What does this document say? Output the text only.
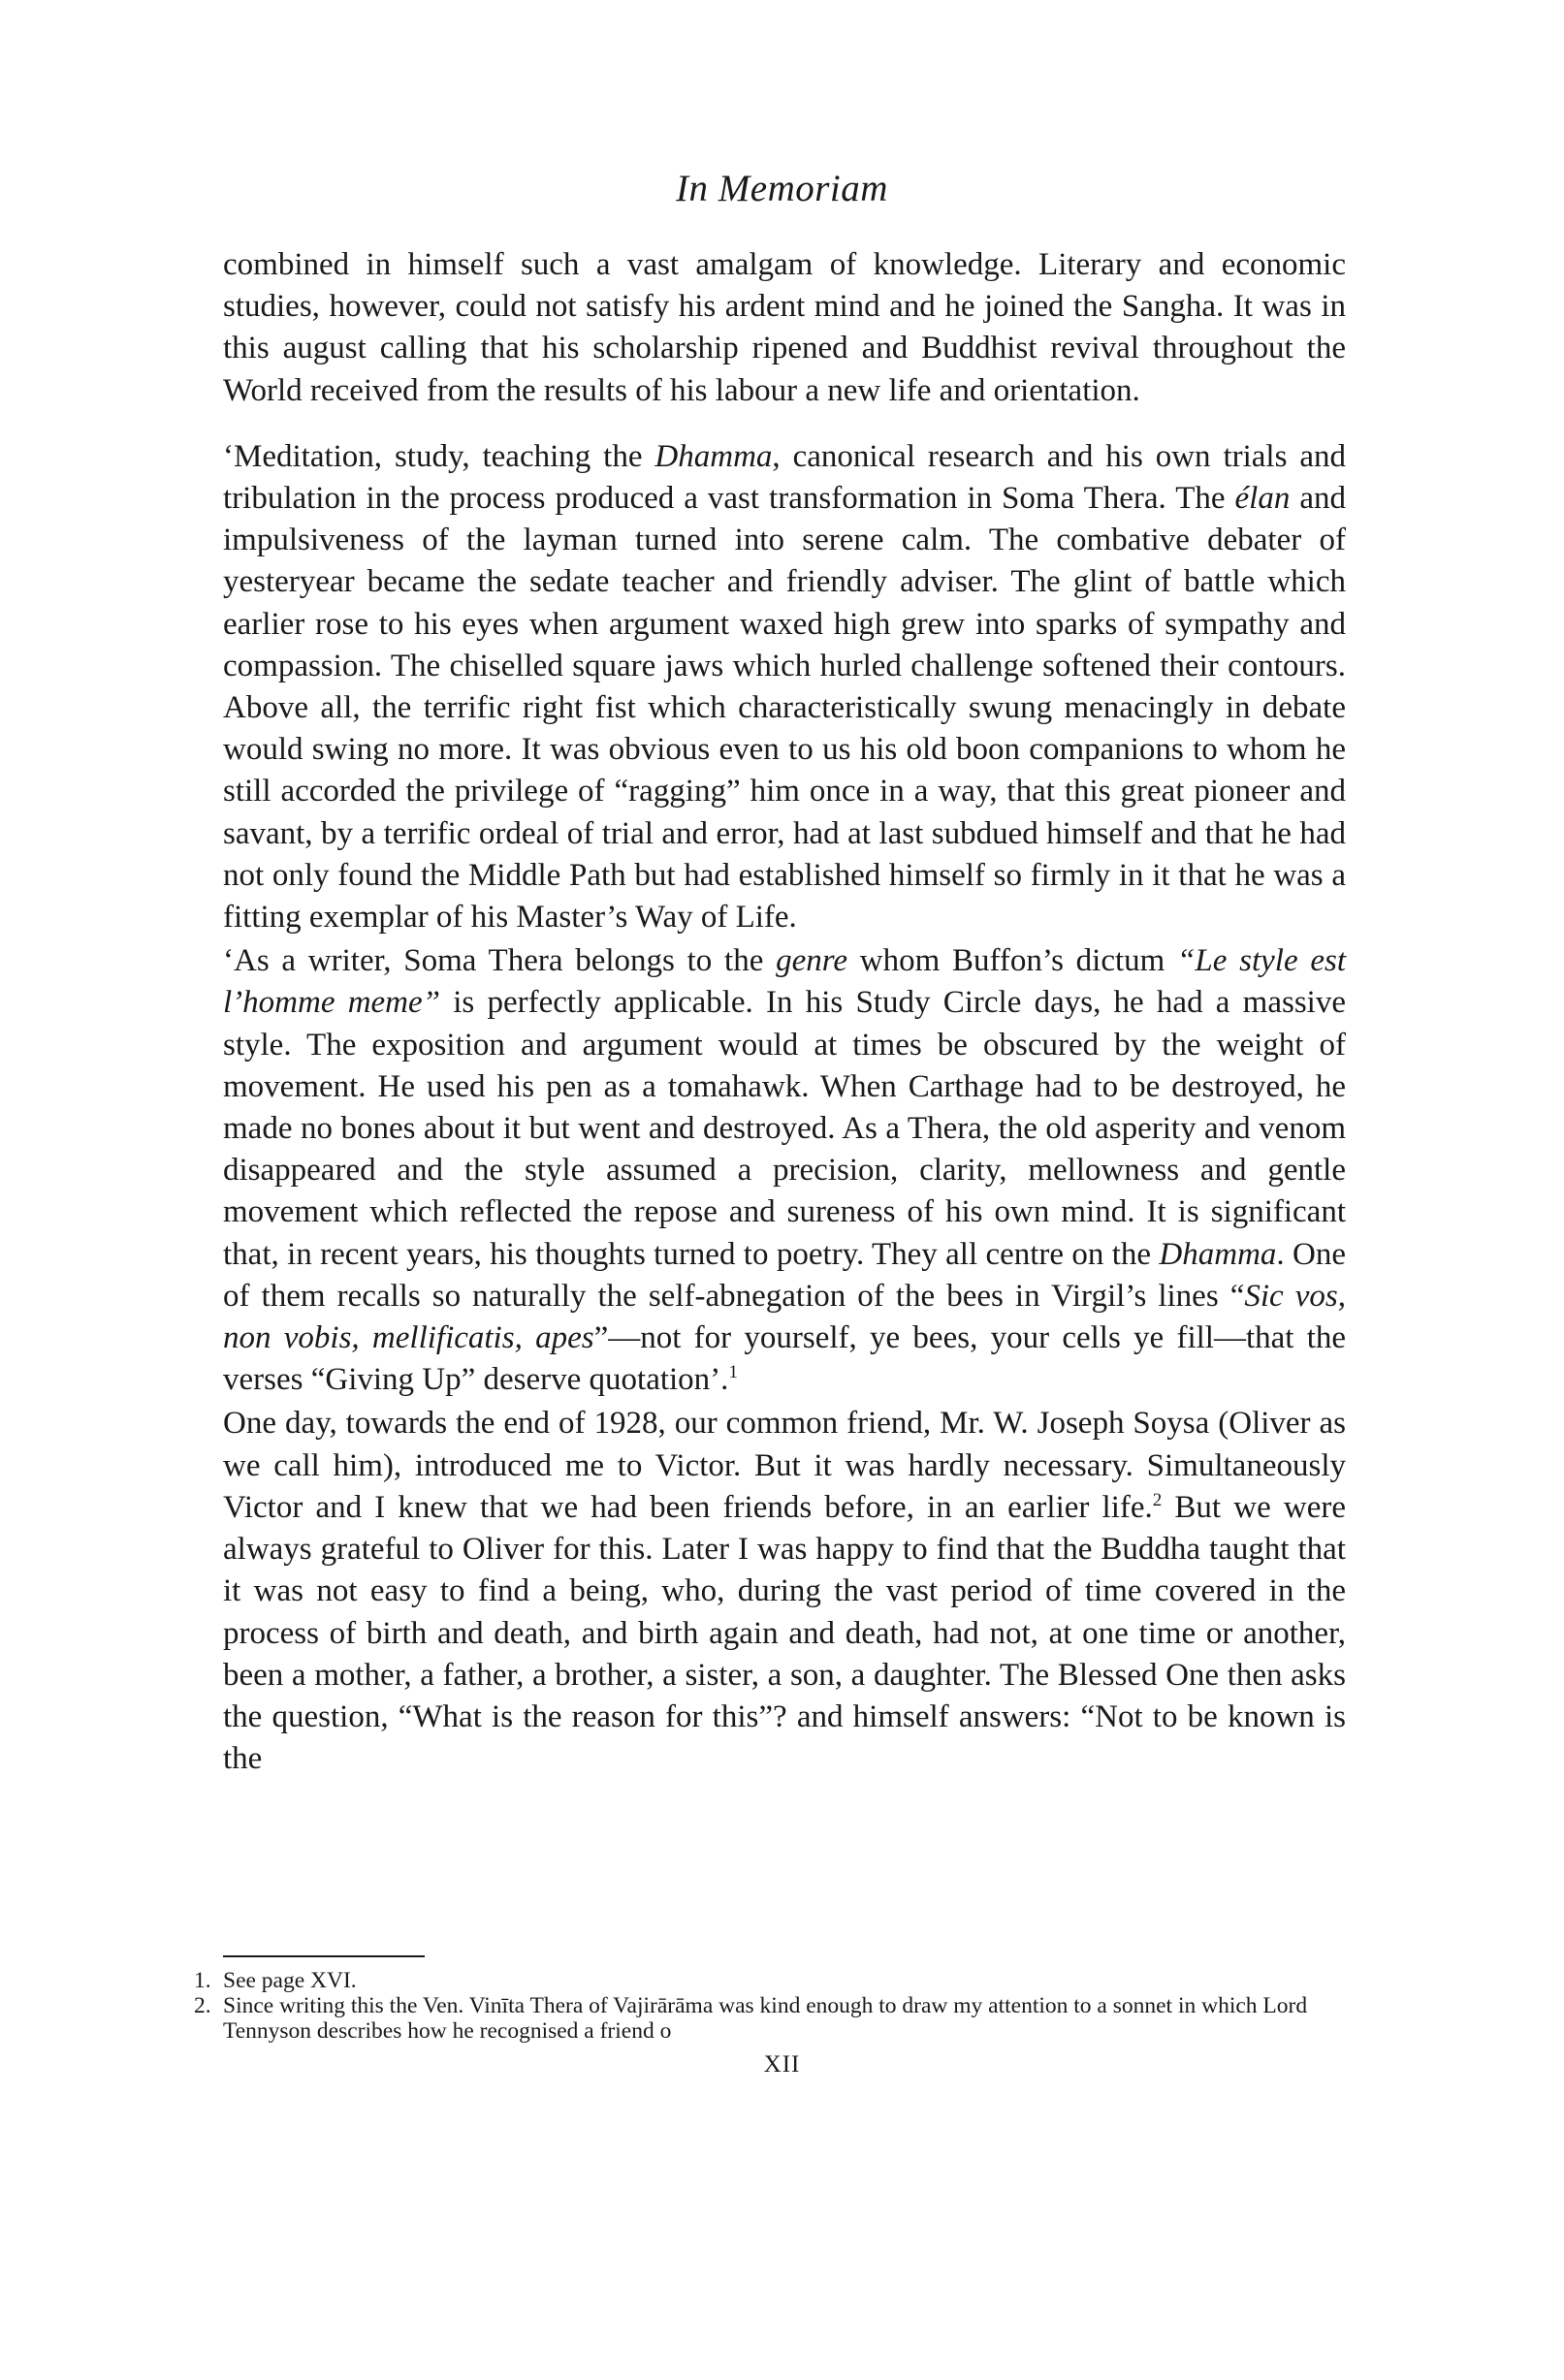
In Memoriam

combined in himself such a vast amalgam of knowledge. Literary and economic studies, however, could not satisfy his ardent mind and he joined the Sangha. It was in this august calling that his scholarship ripened and Buddhist revival throughout the World received from the results of his labour a new life and orientation.

‘Meditation, study, teaching the Dhamma, canonical research and his own trials and tribulation in the process produced a vast transformation in Soma Thera. The élan and impulsiveness of the layman turned into serene calm. The combative debater of yesteryear became the sedate teacher and friendly adviser. The glint of battle which earlier rose to his eyes when argument waxed high grew into sparks of sympathy and compassion. The chiselled square jaws which hurled challenge softened their contours. Above all, the terrific right fist which characteristically swung menacingly in debate would swing no more. It was obvious even to us his old boon companions to whom he still accorded the privilege of “ragging” him once in a way, that this great pioneer and savant, by a terrific ordeal of trial and error, had at last subdued himself and that he had not only found the Middle Path but had established himself so firmly in it that he was a fitting exemplar of his Master’s Way of Life.

‘As a writer, Soma Thera belongs to the genre whom Buffon’s dictum “Le style est l’homme meme” is perfectly applicable. In his Study Circle days, he had a massive style. The exposition and argument would at times be obscured by the weight of movement. He used his pen as a tomahawk. When Carthage had to be destroyed, he made no bones about it but went and destroyed. As a Thera, the old asperity and venom disappeared and the style assumed a precision, clarity, mellowness and gentle movement which reflected the repose and sureness of his own mind. It is significant that, in recent years, his thoughts turned to poetry. They all centre on the Dhamma. One of them recalls so naturally the self-abnegation of the bees in Virgil’s lines “Sic vos, non vobis, mellificatis, apes”—not for yourself, ye bees, your cells ye fill—that the verses “Giving Up” deserve quotation’.$^1$

One day, towards the end of 1928, our common friend, Mr. W. Joseph Soysa (Oliver as we call him), introduced me to Victor. But it was hardly necessary. Simultaneously Victor and I knew that we had been friends before, in an earlier life.$^2$ But we were always grateful to Oliver for this. Later I was happy to find that the Buddha taught that it was not easy to find a being, who, during the vast period of time covered in the process of birth and death, and birth again and death, had not, at one time or another, been a mother, a father, a brother, a sister, a son, a daughter. The Blessed One then asks the question, “What is the reason for this”? and himself answers: “Not to be known is the

1. See page XVI.
2. Since writing this the Ven. Vinīta Thera of Vajirārāma was kind enough to draw my attention to a sonnet in which Lord Tennyson describes how he recognised a friend o
XII
